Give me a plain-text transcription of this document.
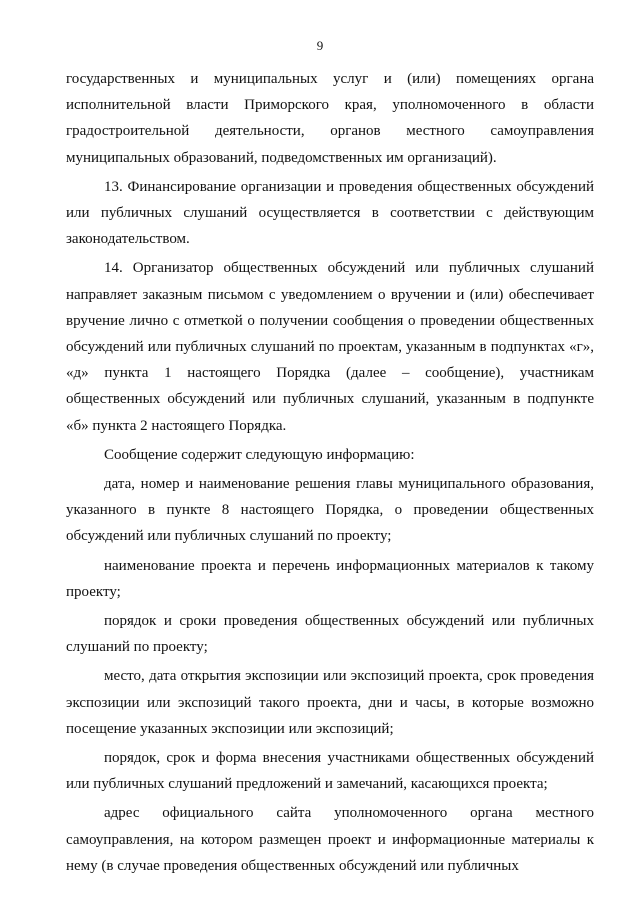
9

государственных и муниципальных услуг и (или) помещениях органа исполнительной власти Приморского края, уполномоченного в области градостроительной деятельности, органов местного самоуправления муниципальных образований, подведомственных им организаций).

13. Финансирование организации и проведения общественных обсуждений или публичных слушаний осуществляется в соответствии с действующим законодательством.

14. Организатор общественных обсуждений или публичных слушаний направляет заказным письмом с уведомлением о вручении и (или) обеспечивает вручение лично с отметкой о получении сообщения о проведении общественных обсуждений или публичных слушаний по проектам, указанным в подпунктах «г», «д» пункта 1 настоящего Порядка (далее – сообщение), участникам общественных обсуждений или публичных слушаний, указанным в подпункте «б» пункта 2 настоящего Порядка.

Сообщение содержит следующую информацию:

дата, номер и наименование решения главы муниципального образования, указанного в пункте 8 настоящего Порядка, о проведении общественных обсуждений или публичных слушаний по проекту;

наименование проекта и перечень информационных материалов к такому проекту;

порядок и сроки проведения общественных обсуждений или публичных слушаний по проекту;

место, дата открытия экспозиции или экспозиций проекта, срок проведения экспозиции или экспозиций такого проекта, дни и часы, в которые возможно посещение указанных экспозиции или экспозиций;

порядок, срок и форма внесения участниками общественных обсуждений или публичных слушаний предложений и замечаний, касающихся проекта;

адрес официального сайта уполномоченного органа местного самоуправления, на котором размещен проект и информационные материалы к нему (в случае проведения общественных обсуждений или публичных
